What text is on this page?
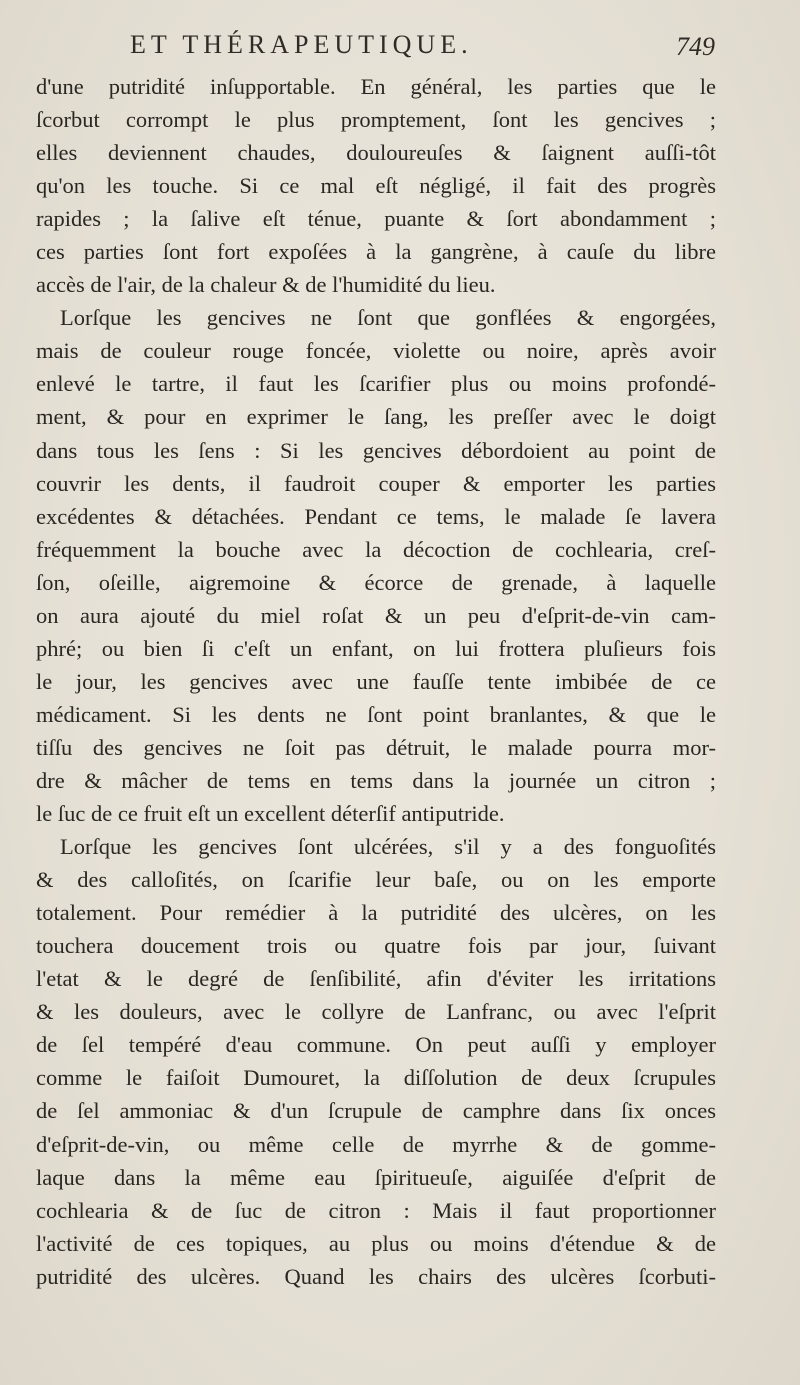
ET THÉRAPEUTIQUE.	749
d'une putridité inſupportable. En général, les parties que le
ſcorbut corrompt le plus promptement, ſont les gencives ;
elles deviennent chaudes, douloureuſes & ſaignent auſſi-tôt
qu'on les touche. Si ce mal eſt négligé, il fait des progrès
rapides ; la ſalive eſt ténue, puante & ſort abondamment ;
ces parties ſont fort expoſées à la gangrène, à cauſe du libre
accès de l'air, de la chaleur & de l'humidité du lieu.
Lorſque les gencives ne ſont que gonflées & engorgées,
mais de couleur rouge foncée, violette ou noire, après avoir
enlevé le tartre, il faut les ſcarifier plus ou moins profondé-
ment, & pour en exprimer le ſang, les preſſer avec le doigt
dans tous les ſens : Si les gencives débordoient au point de
couvrir les dents, il faudroit couper & emporter les parties
excédentes & détachées. Pendant ce tems, le malade ſe lavera
fréquemment la bouche avec la décoction de cochlearia, creſ-
ſon, oſeille, aigremoine & écorce de grenade, à laquelle
on aura ajouté du miel roſat & un peu d'eſprit-de-vin cam-
phré; ou bien ſi c'eſt un enfant, on lui frottera pluſieurs fois
le jour, les gencives avec une fauſſe tente imbibée de ce
médicament. Si les dents ne ſont point branlantes, & que le
tiſſu des gencives ne ſoit pas détruit, le malade pourra mor-
dre & mâcher de tems en tems dans la journée un citron ;
le ſuc de ce fruit eſt un excellent déterſif antiputride.
Lorſque les gencives ſont ulcérées, s'il y a des fonguoſités
& des calloſités, on ſcarifie leur baſe, ou on les emporte
totalement. Pour remédier à la putridité des ulcères, on les
touchera doucement trois ou quatre fois par jour, ſuivant
l'etat & le degré de ſenſibilité, afin d'éviter les irritations
& les douleurs, avec le collyre de Lanfranc, ou avec l'eſprit
de ſel tempéré d'eau commune. On peut auſſi y employer
comme le faiſoit Dumouret, la diſſolution de deux ſcrupules
de ſel ammoniac & d'un ſcrupule de camphre dans ſix onces
d'eſprit-de-vin, ou même celle de myrrhe & de gomme-
laque dans la même eau ſpiritueuſe, aiguiſée d'eſprit de
cochlearia & de ſuc de citron : Mais il faut proportionner
l'activité de ces topiques, au plus ou moins d'étendue & de
putridité des ulcères. Quand les chairs des ulcères ſcorbuti-
